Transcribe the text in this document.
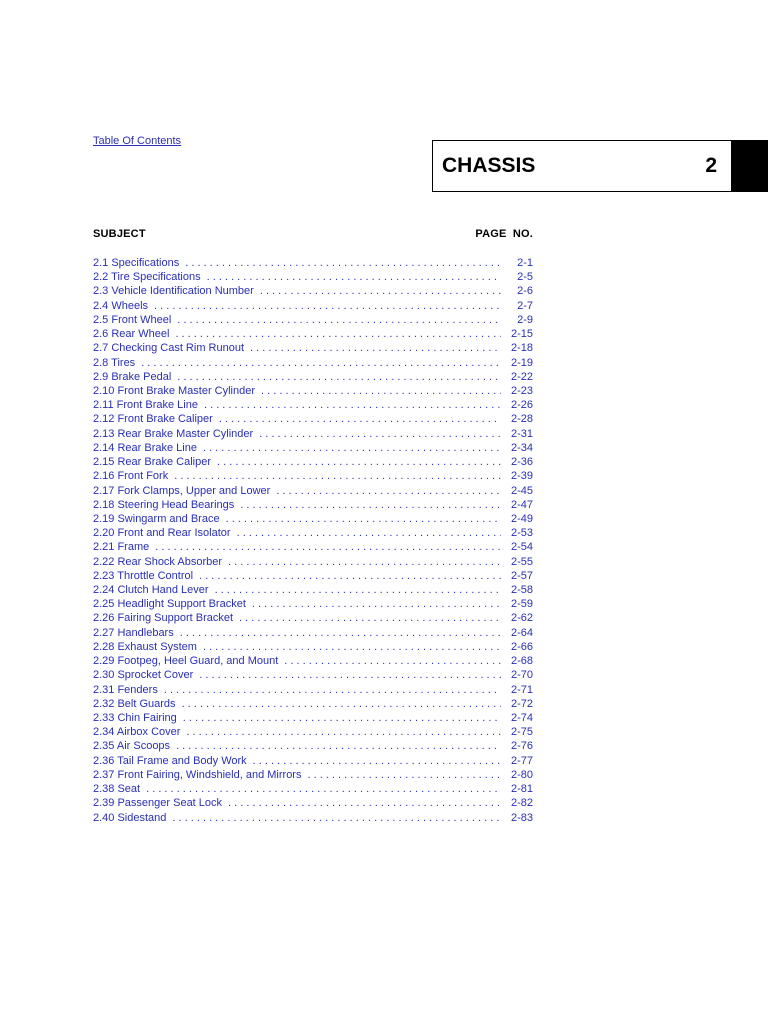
Table Of Contents
CHASSIS	2
SUBJECT	PAGE NO.
2.1 Specifications . . .	2-1
2.2 Tire Specifications . . .	2-5
2.3 Vehicle Identification Number . . .	2-6
2.4 Wheels . . .	2-7
2.5 Front Wheel . . .	2-9
2.6 Rear Wheel . . .	2-15
2.7 Checking Cast Rim Runout . . .	2-18
2.8 Tires . . .	2-19
2.9 Brake Pedal . . .	2-22
2.10 Front Brake Master Cylinder . . .	2-23
2.11 Front Brake Line . . .	2-26
2.12 Front Brake Caliper . . .	2-28
2.13 Rear Brake Master Cylinder . . .	2-31
2.14 Rear Brake Line . . .	2-34
2.15 Rear Brake Caliper . . .	2-36
2.16 Front Fork . . .	2-39
2.17 Fork Clamps, Upper and Lower . . .	2-45
2.18 Steering Head Bearings . . .	2-47
2.19 Swingarm and Brace . . .	2-49
2.20 Front and Rear Isolator . . .	2-53
2.21 Frame . . .	2-54
2.22 Rear Shock Absorber . . .	2-55
2.23 Throttle Control . . .	2-57
2.24 Clutch Hand Lever . . .	2-58
2.25 Headlight Support Bracket . . .	2-59
2.26 Fairing Support Bracket . . .	2-62
2.27 Handlebars . . .	2-64
2.28 Exhaust System . . .	2-66
2.29 Footpeg, Heel Guard, and Mount . . .	2-68
2.30 Sprocket Cover . . .	2-70
2.31 Fenders . . .	2-71
2.32 Belt Guards . . .	2-72
2.33 Chin Fairing . . .	2-74
2.34 Airbox Cover . . .	2-75
2.35 Air Scoops . . .	2-76
2.36 Tail Frame and Body Work . . .	2-77
2.37 Front Fairing, Windshield, and Mirrors . . .	2-80
2.38 Seat . . .	2-81
2.39 Passenger Seat Lock . . .	2-82
2.40 Sidestand . . .	2-83
